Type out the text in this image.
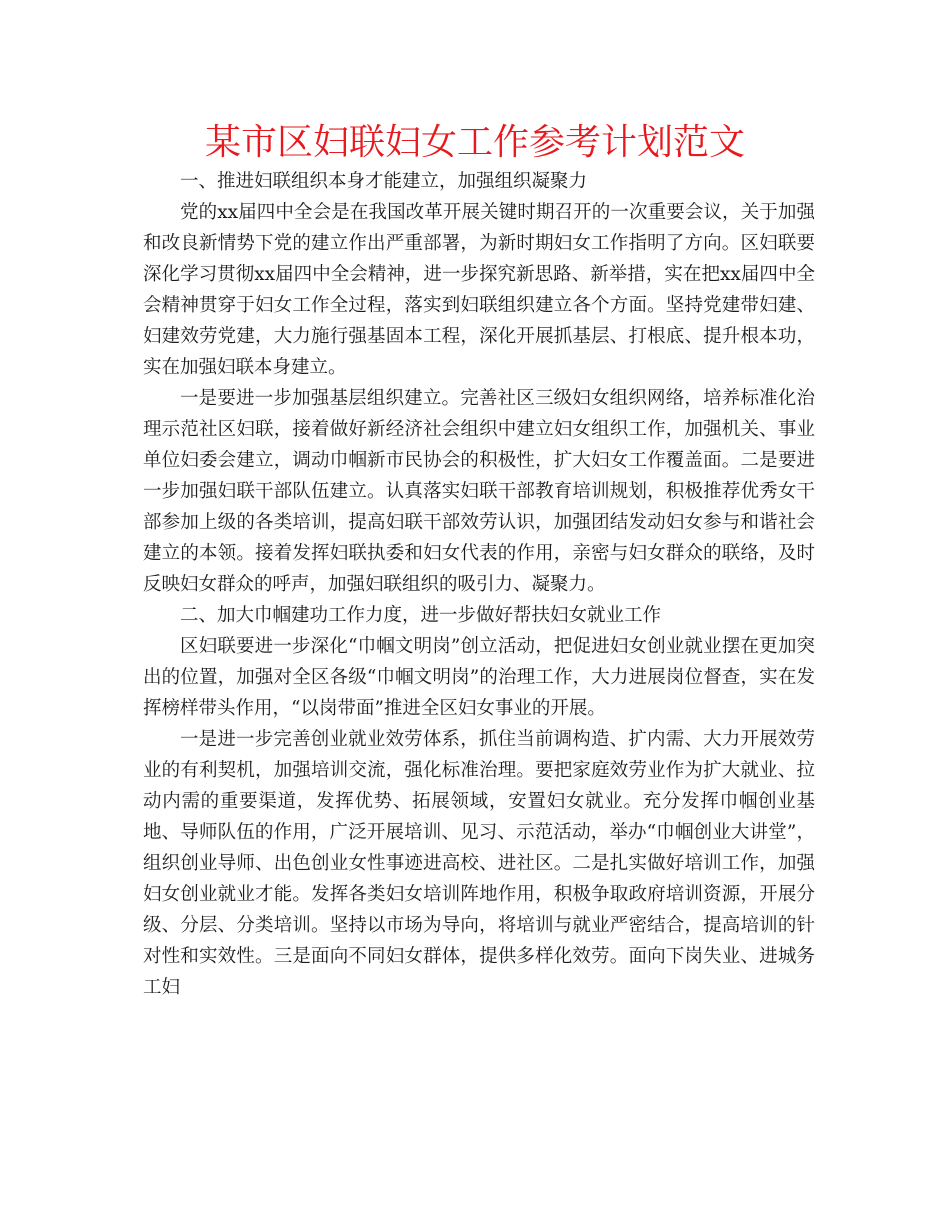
某市区妇联妇女工作参考计划范文

一、推进妇联组织本身才能建立，加强组织凝聚力

党的xx届四中全会是在我国改革开展关键时期召开的一次重要会议，关于加强和改良新情势下党的建立作出严重部署，为新时期妇女工作指明了方向。区妇联要深化学习贯彻xx届四中全会精神，进一步探究新思路、新举措，实在把xx届四中全会精神贯穿于妇女工作全过程，落实到妇联组织建立各个方面。坚持党建带妇建、妇建效劳党建，大力施行强基固本工程，深化开展抓基层、打根底、提升根本功，实在加强妇联本身建立。

一是要进一步加强基层组织建立。完善社区三级妇女组织网络，培养标准化治理示范社区妇联，接着做好新经济社会组织中建立妇女组织工作，加强机关、事业单位妇委会建立，调动巾帼新市民协会的积极性，扩大妇女工作覆盖面。二是要进一步加强妇联干部队伍建立。认真落实妇联干部教育培训规划，积极推荐优秀女干部参加上级的各类培训，提高妇联干部效劳认识，加强团结发动妇女参与和谐社会建立的本领。接着发挥妇联执委和妇女代表的作用，亲密与妇女群众的联络，及时反映妇女群众的呼声，加强妇联组织的吸引力、凝聚力。

二、加大巾帼建功工作力度，进一步做好帮扶妇女就业工作

区妇联要进一步深化“巾帼文明岗”创立活动，把促进妇女创业就业摆在更加突出的位置，加强对全区各级“巾帼文明岗”的治理工作，大力进展岗位督查，实在发挥榜样带头作用，“以岗带面”推进全区妇女事业的开展。

一是进一步完善创业就业效劳体系，抓住当前调构造、扩内需、大力开展效劳业的有利契机，加强培训交流，强化标准治理。要把家庭效劳业作为扩大就业、拉动内需的重要渠道，发挥优势、拓展领域，安置妇女就业。充分发挥巾帼创业基地、导师队伍的作用，广泛开展培训、见习、示范活动，举办“巾帼创业大讲堂”，组织创业导师、出色创业女性事迹进高校、进社区。二是扎实做好培训工作，加强妇女创业就业才能。发挥各类妇女培训阵地作用，积极争取政府培训资源，开展分级、分层、分类培训。坚持以市场为导向，将培训与就业严密结合，提高培训的针对性和实效性。三是面向不同妇女群体，提供多样化效劳。面向下岗失业、进城务工妇
